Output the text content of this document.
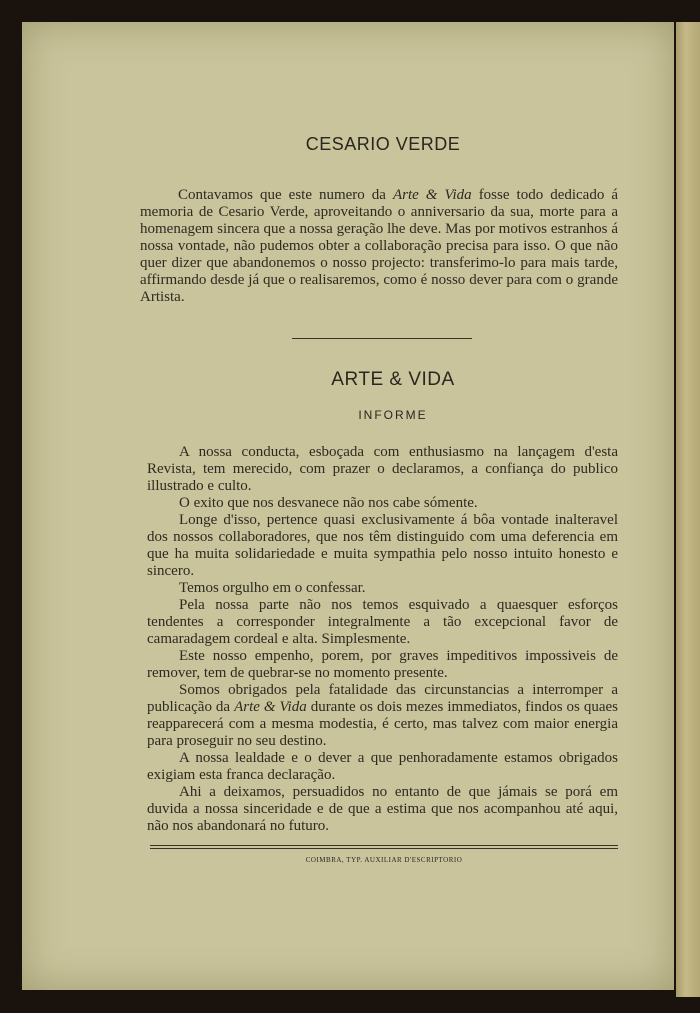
CESARIO VERDE

Contavamos que este numero da Arte & Vida fosse todo dedicado á memoria de Cesario Verde, aproveitando o anniversario da sua, morte para a homenagem sincera que a nossa geração lhe deve. Mas por motivos estranhos á nossa vontade, não pudemos obter a collaboração precisa para isso. O que não quer dizer que abandonemos o nosso projecto: transferimo-lo para mais tarde, affirmando desde já que o realisaremos, como é nosso dever para com o grande Artista.

ARTE & VIDA
INFORME

A nossa conducta, esboçada com enthusiasmo na lançagem d'esta Revista, tem merecido, com prazer o declaramos, a confiança do publico illustrado e culto.

O exito que nos desvanece não nos cabe sómente.

Longe d'isso, pertence quasi exclusivamente á bôa vontade inalteravel dos nossos collaboradores, que nos têm distinguido com uma deferencia em que ha muita solidariedade e muita sympathia pelo nosso intuito honesto e sincero.

Temos orgulho em o confessar.

Pela nossa parte não nos temos esquivado a quaesquer esforços tendentes a corresponder integralmente a tão excepcional favor de camaradagem cordeal e alta. Simplesmente.

Este nosso empenho, porem, por graves impeditivos impossiveis de remover, tem de quebrar-se no momento presente.

Somos obrigados pela fatalidade das circunstancias a interromper a publicação da Arte & Vida durante os dois mezes immediatos, findos os quaes reapparecerá com a mesma modestia, é certo, mas talvez com maior energia para proseguir no seu destino.

A nossa lealdade e o dever a que penhoradamente estamos obrigados exigiam esta franca declaração.

Ahi a deixamos, persuadidos no entanto de que jámais se porá em duvida a nossa sinceridade e de que a estima que nos acompanhou até aqui, não nos abandonará no futuro.

COIMBRA, TYP. AUXILIAR D'ESCRIPTORIO
